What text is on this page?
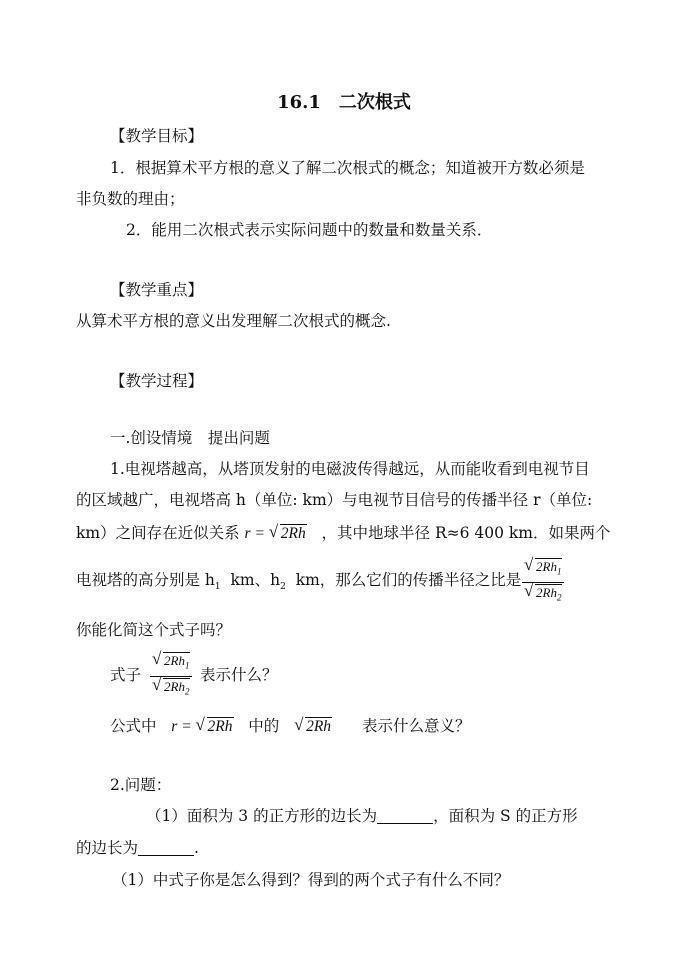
16.1 二次根式
【教学目标】
1．根据算术平方根的意义了解二次根式的概念；知道被开方数必须是
非负数的理由；
2．能用二次根式表示实际问题中的数量和数量关系．
【教学重点】
从算术平方根的意义出发理解二次根式的概念.
【教学过程】
一.创设情境　提出问题
1.电视塔越高，从塔顶发射的电磁波传得越远，从而能收看到电视节目
的区域越广，电视塔高 h（单位: km）与电视节目信号的传播半径 r（单位:
km）之间存在近似关系 r = √ 2Rh ，其中地球半径 R≈6 400 km．如果两个
电视塔的高分别是 $h_1$ km、$h_2$ km，那么它们的传播半径之比是 √ $2Rh_1$
√ $2Rh_2$
你能化简这个式子吗？
式子 √ $2Rh_1$
√ $2Rh_2$ 表示什么？
公式中 r = √ 2Rh 中的 √ 2Rh 表示什么意义？
2.问题：
（1）面积为 3 的正方形的边长为	，面积为 S 的正方形
的边长为	.
（1）中式子你是怎么得到？得到的两个式子有什么不同？
